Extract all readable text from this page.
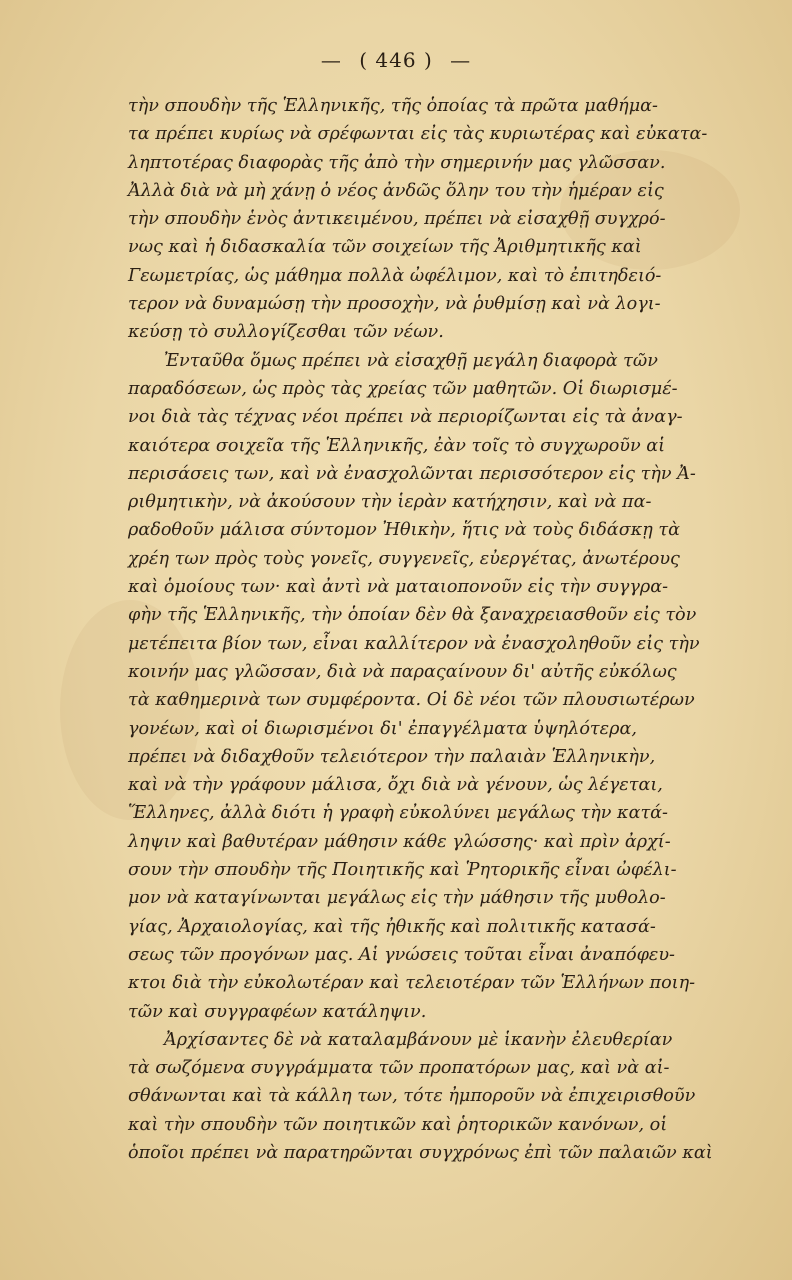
— ( 446 ) —
τὴν σπουδὴν τῆς Ἑλληνικῆς, τῆς ὁποίας τὰ πρῶτα μαθήμα-
τα πρέπει κυρίως νὰ σρέφωνται εἰς τὰς κυριωτέρας καὶ εὐκατα-
ληπτοτέρας διαφορὰς τῆς ἀπὸ τὴν σημερινήν μας γλῶσσαν.
Ἀλλὰ διὰ νὰ μὴ χάνῃ ὁ νέος ἀνδῶς ὅλην του τὴν ἡμέραν εἰς
τὴν σπουδὴν ἑνὸς ἀντικειμένου, πρέπει νὰ εἰσαχθῇ συγχρό-
νως καὶ ἡ διδασκαλία τῶν σοιχείων τῆς Ἀριθμητικῆς καὶ
Γεωμετρίας, ὡς μάθημα πολλὰ ὠφέλιμον, καὶ τὸ ἐπιτηδειό-
τερον νὰ δυναμώσῃ τὴν προσοχὴν, νὰ ῥυθμίσῃ καὶ νὰ λογι-
κεύσῃ τὸ συλλογίζεσθαι τῶν νέων.
Ἐνταῦθα ὅμως πρέπει νὰ εἰσαχθῇ μεγάλη διαφορὰ τῶν
παραδόσεων, ὡς πρὸς τὰς χρείας τῶν μαθητῶν. Οἱ διωρισμέ-
νοι διὰ τὰς τέχνας νέοι πρέπει νὰ περιορίζωνται εἰς τὰ ἀναγ-
καιότερα σοιχεῖα τῆς Ἑλληνικῆς, ἐὰν τοῖς τὸ συγχωροῦν αἱ
περισάσεις των, καὶ νὰ ἐνασχολῶνται περισσότερον εἰς τὴν Ἀ-
ριθμητικὴν, νὰ ἀκούσουν τὴν ἱερὰν κατήχησιν, καὶ νὰ πα-
ραδοθοῦν μάλισα σύντομον Ἠθικὴν, ἥτις νὰ τοὺς διδάσκῃ τὰ
χρέη των πρὸς τοὺς γονεῖς, συγγενεῖς, εὐεργέτας, ἀνωτέρους
καὶ ὁμοίους των· καὶ ἀντὶ νὰ ματαιοπονοῦν εἰς τὴν συγγρα-
φὴν τῆς Ἑλληνικῆς, τὴν ὁποίαν δὲν θὰ ξαναχρειασθοῦν εἰς τὸν
μετέπειτα βίον των, εἶναι καλλίτερον νὰ ἐνασχοληθοῦν εἰς τὴν
κοινήν μας γλῶσσαν, διὰ νὰ παραςαίνουν δι' αὐτῆς εὐκόλως
τὰ καθημερινὰ των συμφέροντα. Οἱ δὲ νέοι τῶν πλουσιωτέρων
γονέων, καὶ οἱ διωρισμένοι δι' ἐπαγγέλματα ὑψηλότερα,
πρέπει νὰ διδαχθοῦν τελειότερον τὴν παλαιὰν Ἑλληνικὴν,
καὶ νὰ τὴν γράφουν μάλισα, ὄχι διὰ νὰ γένουν, ὡς λέγεται,
Ἕλληνες, ἀλλὰ διότι ἡ γραφὴ εὐκολύνει μεγάλως τὴν κατά-
ληψιν καὶ βαθυτέραν μάθησιν κάθε γλώσσης· καὶ πρὶν ἀρχί-
σουν τὴν σπουδὴν τῆς Ποιητικῆς καὶ Ῥητορικῆς εἶναι ὠφέλι-
μον νὰ καταγίνωνται μεγάλως εἰς τὴν μάθησιν τῆς μυθολο-
γίας, Ἀρχαιολογίας, καὶ τῆς ἠθικῆς καὶ πολιτικῆς κατασά-
σεως τῶν προγόνων μας. Αἱ γνώσεις τοῦται εἶναι ἀναπόφευ-
κτοι διὰ τὴν εὐκολωτέραν καὶ τελειοτέραν τῶν Ἑλλήνων ποιη-
τῶν καὶ συγγραφέων κατάληψιν.
Ἀρχίσαντες δὲ νὰ καταλαμβάνουν μὲ ἱκανὴν ἐλευθερίαν
τὰ σωζόμενα συγγράμματα τῶν προπατόρων μας, καὶ νὰ αἰ-
σθάνωνται καὶ τὰ κάλλη των, τότε ἠμποροῦν νὰ ἐπιχειρισθοῦν
καὶ τὴν σπουδὴν τῶν ποιητικῶν καὶ ῥητορικῶν κανόνων, οἱ
ὁποῖοι πρέπει νὰ παρατηρῶνται συγχρόνως ἐπὶ τῶν παλαιῶν καὶ
